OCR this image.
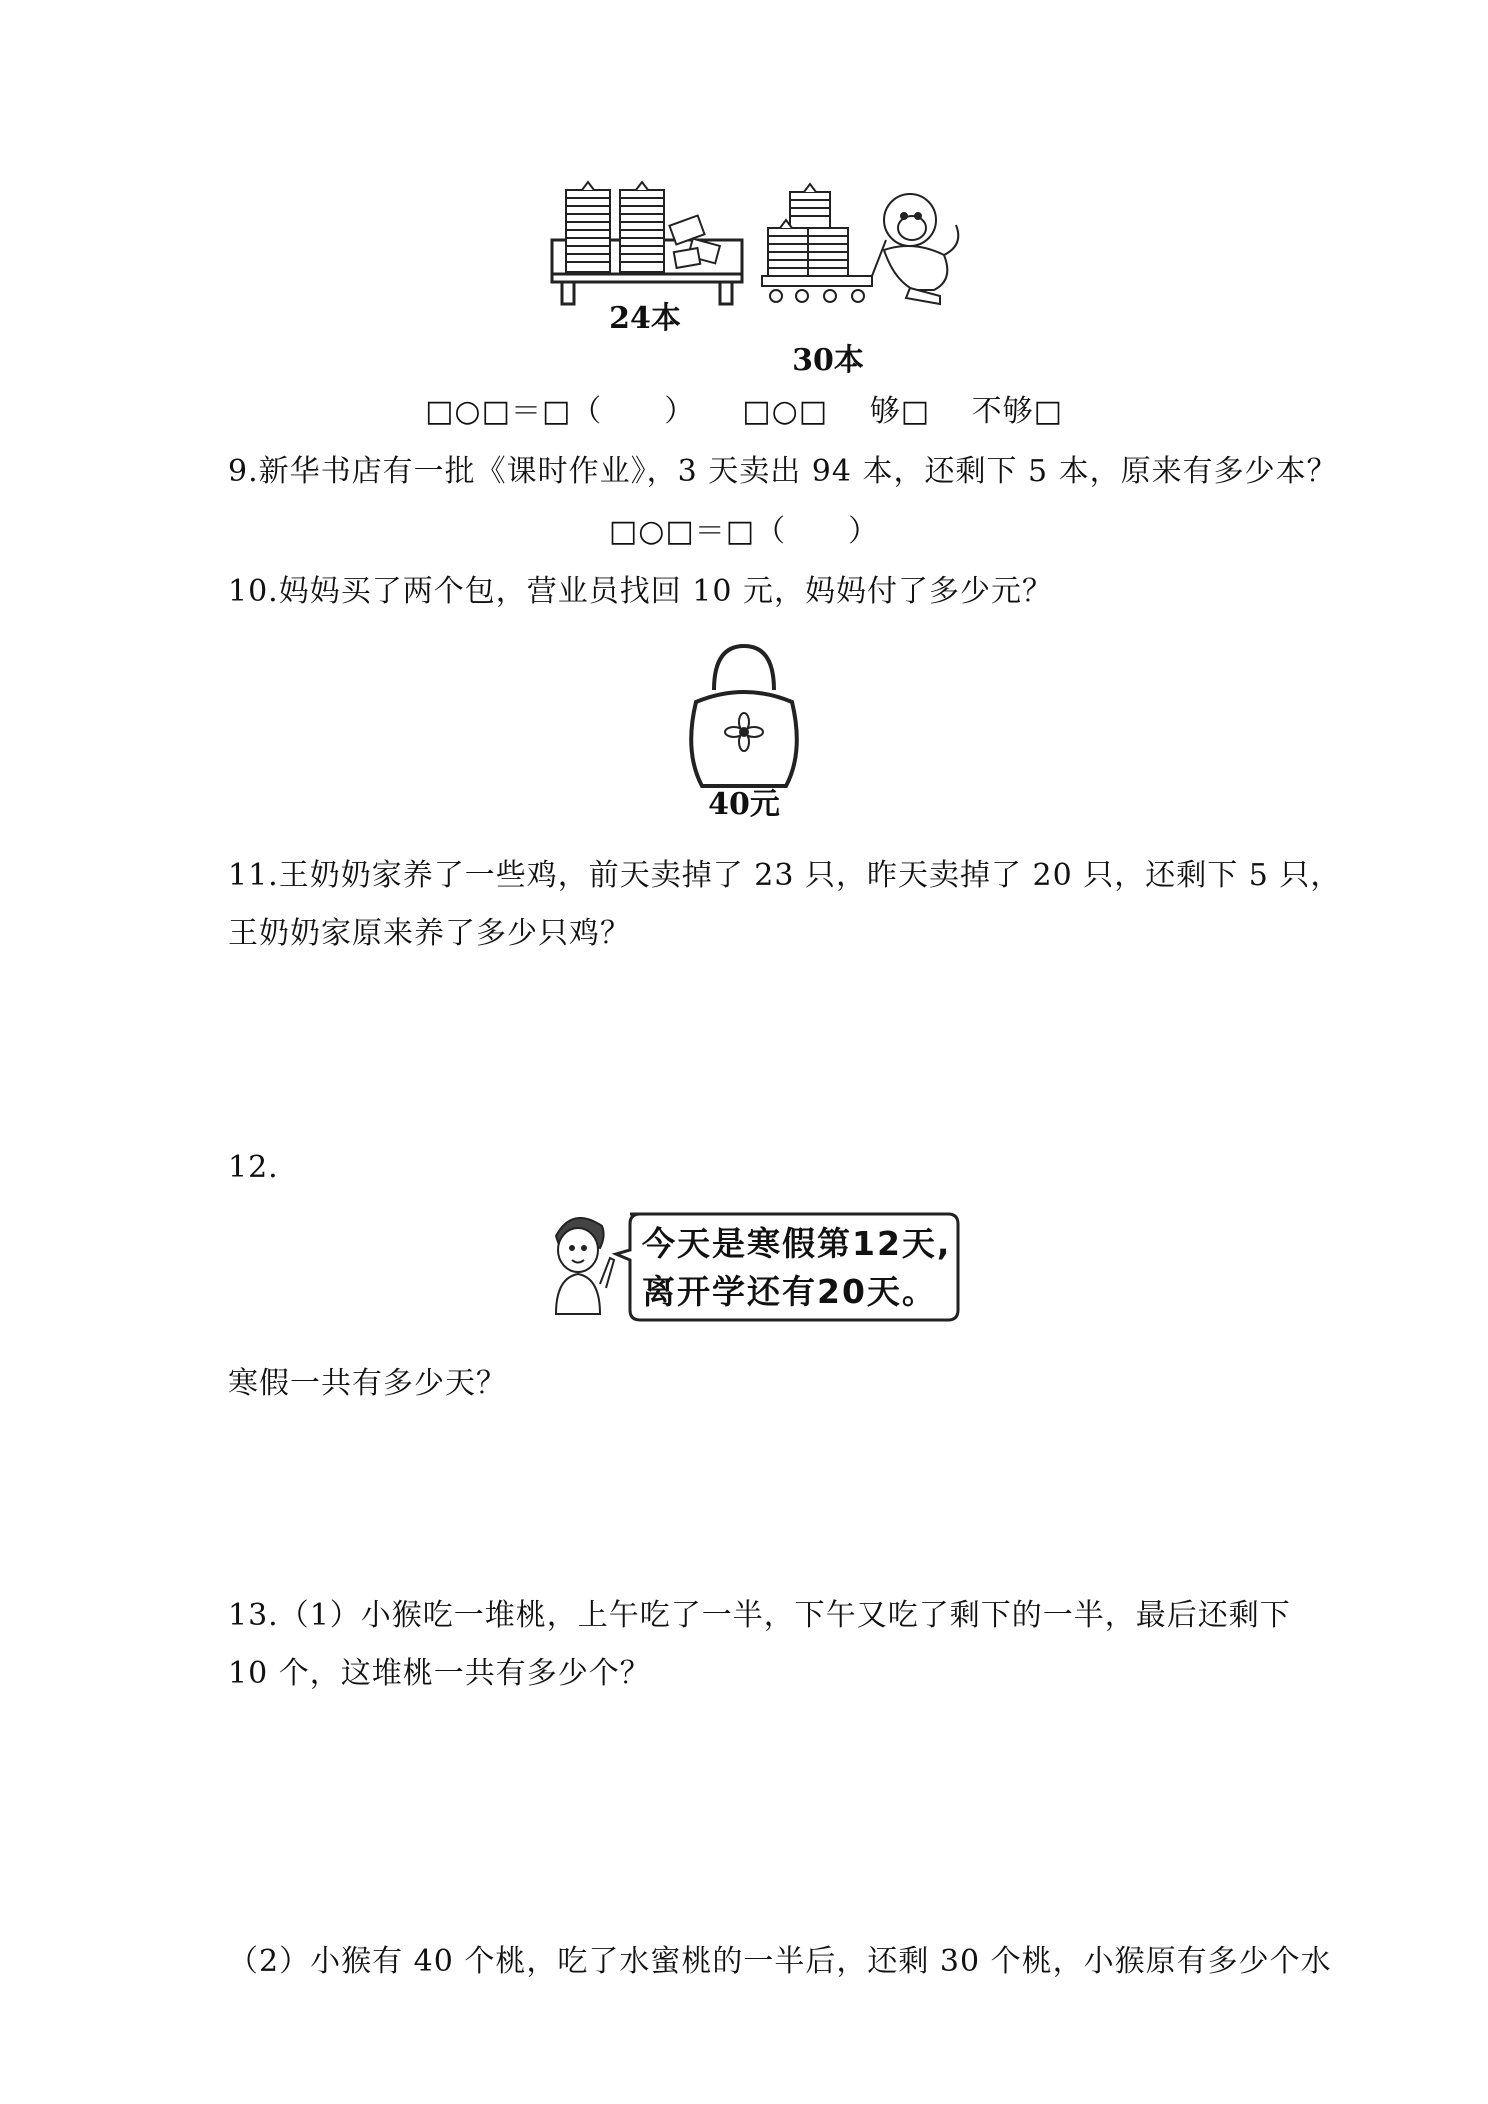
24本
30本
□○□＝□（　　）　　□○□　 够□　 不够□
9.新华书店有一批《课时作业》，3 天卖出 94 本，还剩下 5 本，原来有多少本？
□○□＝□（　　）
10.妈妈买了两个包，营业员找回 10 元，妈妈付了多少元？
40元
11.王奶奶家养了一些鸡，前天卖掉了 23 只，昨天卖掉了 20 只，还剩下 5 只，
王奶奶家原来养了多少只鸡？
12.
今天是寒假第12天,
离开学还有20天。
寒假一共有多少天？
13.（1）小猴吃一堆桃，上午吃了一半，下午又吃了剩下的一半，最后还剩下
10 个，这堆桃一共有多少个？
（2）小猴有 40 个桃，吃了水蜜桃的一半后，还剩 30 个桃，小猴原有多少个水
